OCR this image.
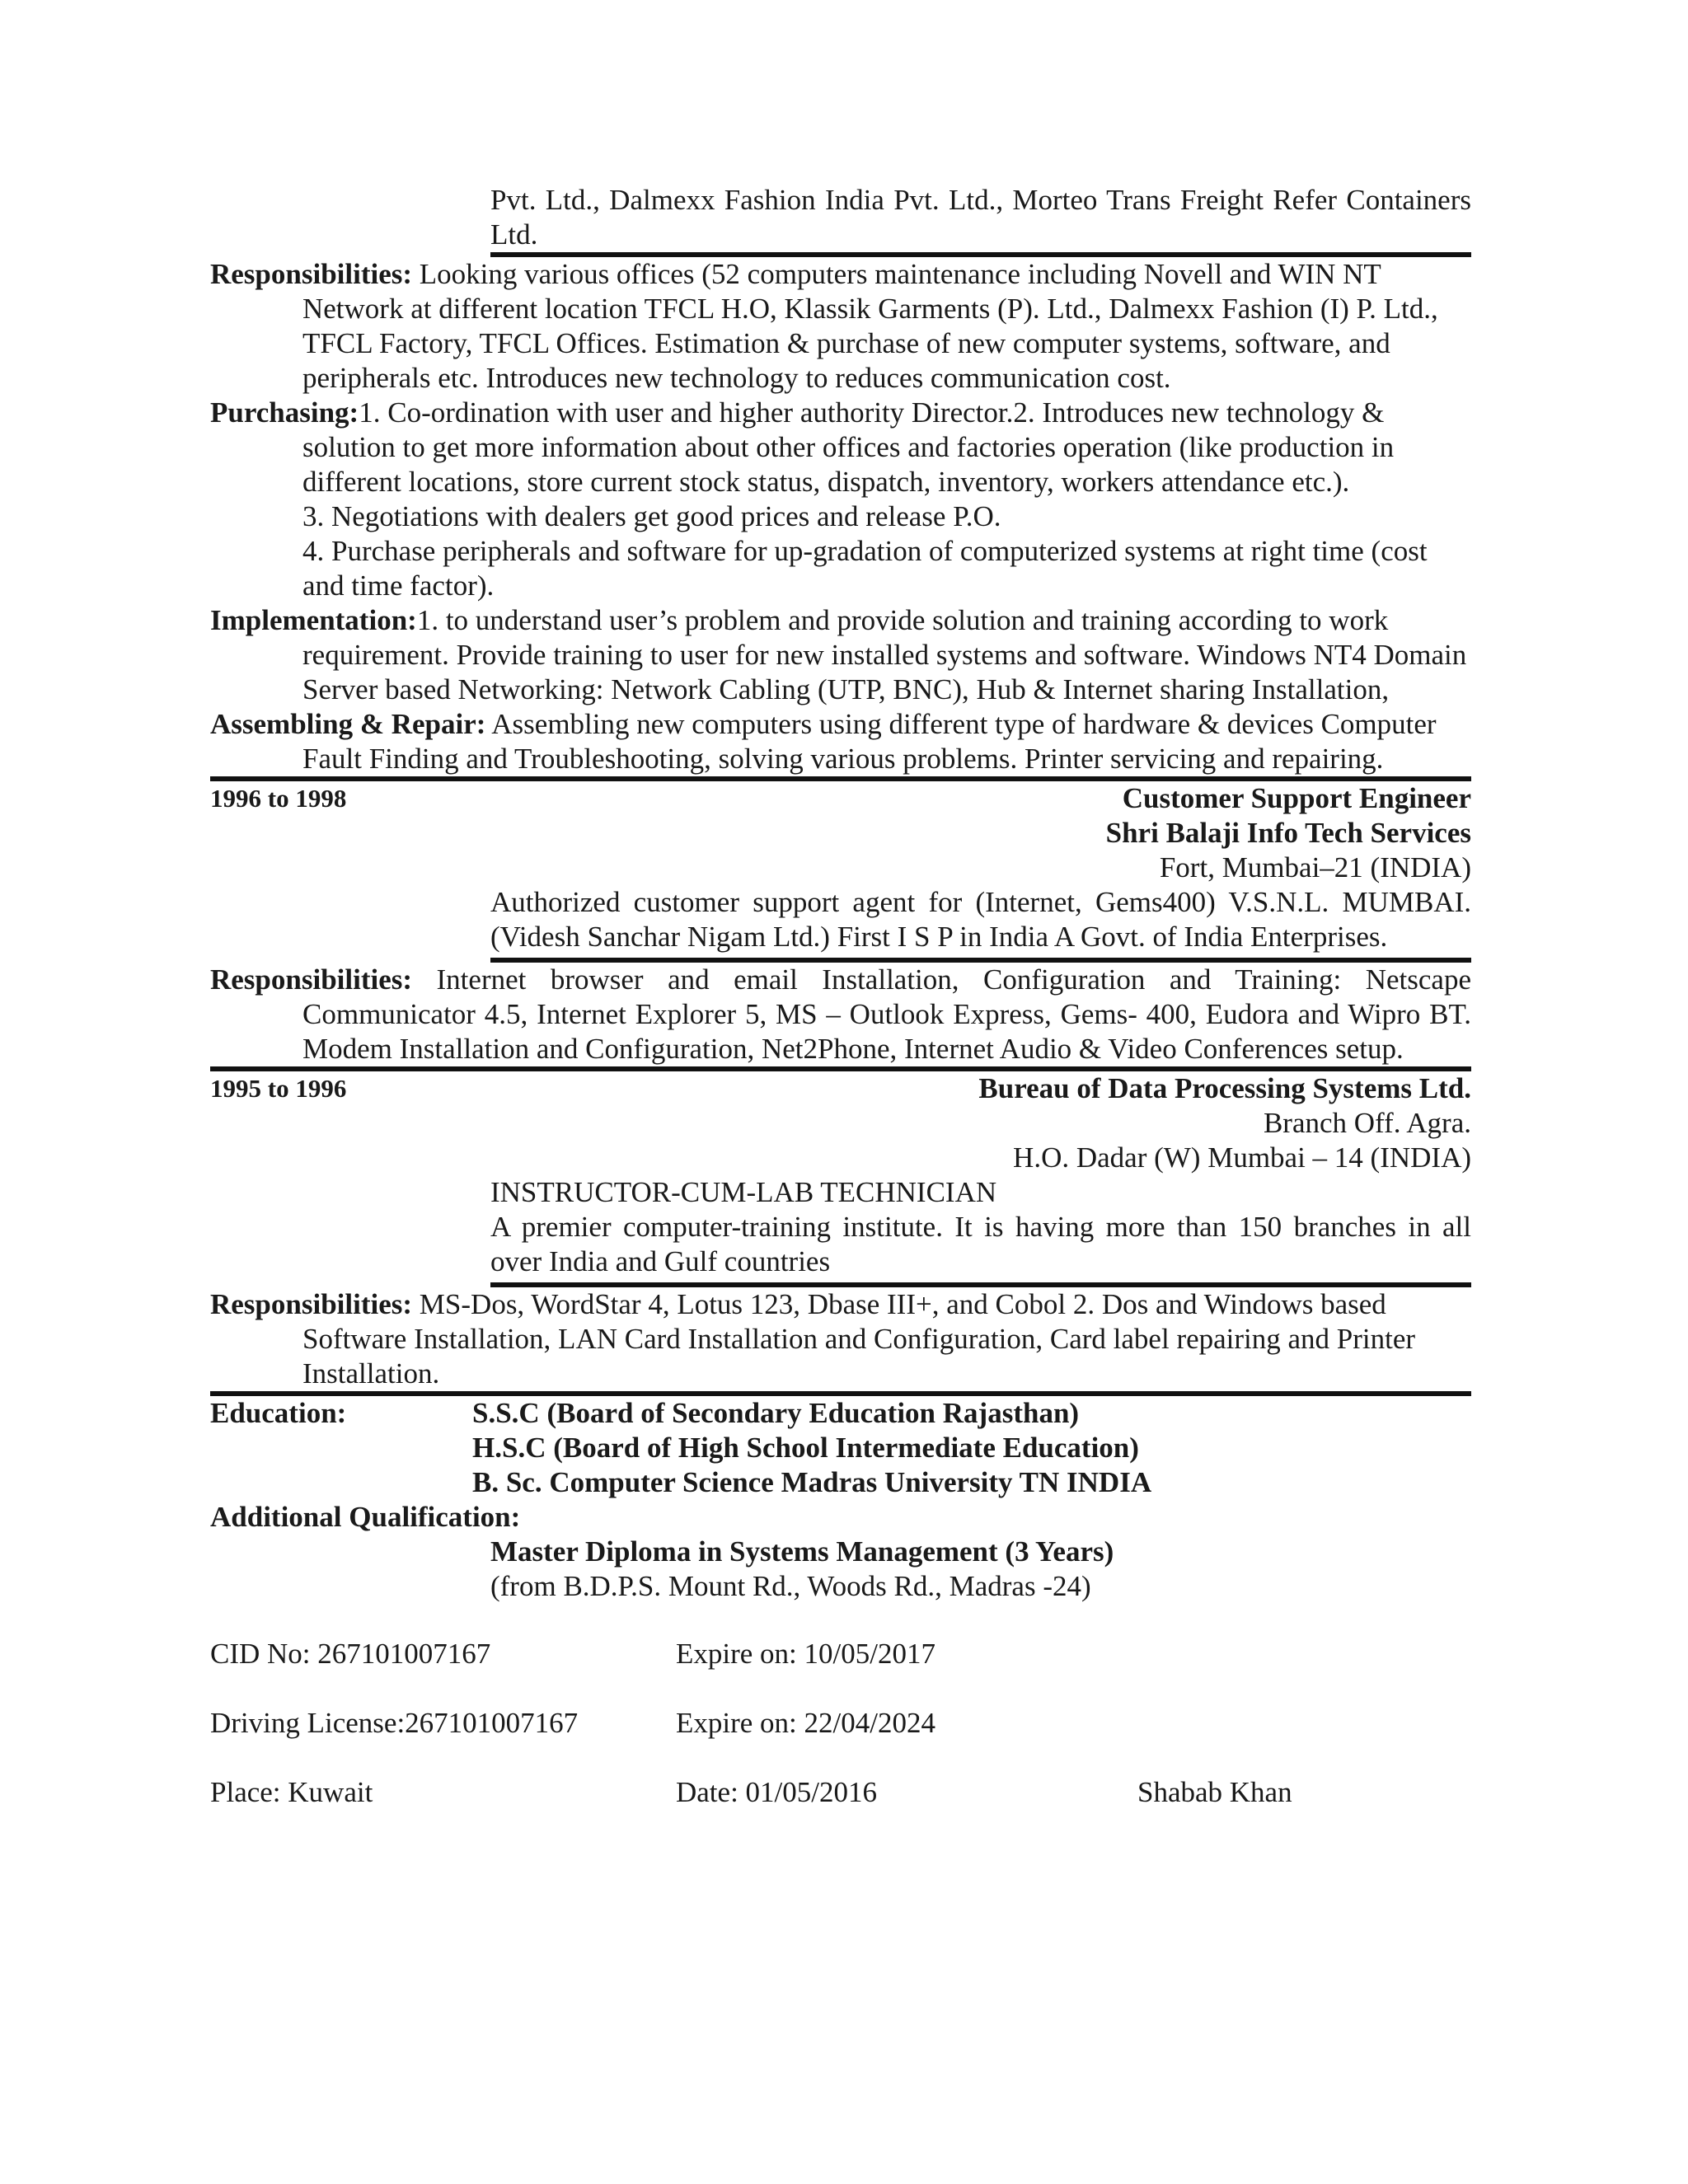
Pvt. Ltd., Dalmexx Fashion India Pvt. Ltd., Morteo Trans Freight Refer Containers Ltd.
Responsibilities: Looking various offices (52 computers maintenance including Novell and WIN NT Network at different location TFCL H.O, Klassik Garments (P). Ltd., Dalmexx Fashion (I) P. Ltd., TFCL Factory, TFCL Offices. Estimation & purchase of new computer systems, software, and peripherals etc. Introduces new technology to reduces communication cost.
Purchasing:1. Co-ordination with user and higher authority Director.2. Introduces new technology & solution to get more information about other offices and factories operation (like production in different locations, store current stock status, dispatch, inventory, workers attendance etc.).
3. Negotiations with dealers get good prices and release P.O.
4. Purchase peripherals and software for up-gradation of computerized systems at right time (cost and time factor).
Implementation:1. to understand user’s problem and provide solution and training according to work requirement. Provide training to user for new installed systems and software. Windows NT4 Domain Server based Networking: Network Cabling (UTP, BNC), Hub & Internet sharing Installation,
Assembling & Repair: Assembling new computers using different type of hardware & devices Computer Fault Finding and Troubleshooting, solving various problems. Printer servicing and repairing.
1996 to 1998	Customer Support Engineer
Shri Balaji Info Tech Services
Fort, Mumbai–21 (INDIA)
Authorized customer support agent for (Internet, Gems400) V.S.N.L. MUMBAI. (Videsh Sanchar Nigam Ltd.) First I S P in India A Govt. of India Enterprises.
Responsibilities: Internet browser and email Installation, Configuration and Training: Netscape Communicator 4.5, Internet Explorer 5, MS – Outlook Express, Gems- 400, Eudora and Wipro BT. Modem Installation and Configuration, Net2Phone, Internet Audio & Video Conferences setup.
1995 to 1996	Bureau of Data Processing Systems Ltd.
Branch Off. Agra.
H.O. Dadar (W) Mumbai – 14 (INDIA)
INSTRUCTOR-CUM-LAB TECHNICIAN
A premier computer-training institute. It is having more than 150 branches in all over India and Gulf countries
Responsibilities: MS-Dos, WordStar 4, Lotus 123, Dbase III+, and Cobol 2. Dos and Windows based Software Installation, LAN Card Installation and Configuration, Card label repairing and Printer Installation.
Education:	S.S.C (Board of Secondary Education Rajasthan)
H.S.C (Board of High School Intermediate Education)
B. Sc. Computer Science Madras University TN INDIA
Additional Qualification:
Master Diploma in Systems Management (3 Years)
(from B.D.P.S. Mount Rd., Woods Rd., Madras -24)
CID No: 267101007167	Expire on: 10/05/2017
Driving License:267101007167	Expire on: 22/04/2024
Place: Kuwait	Date: 01/05/2016	Shabab Khan
